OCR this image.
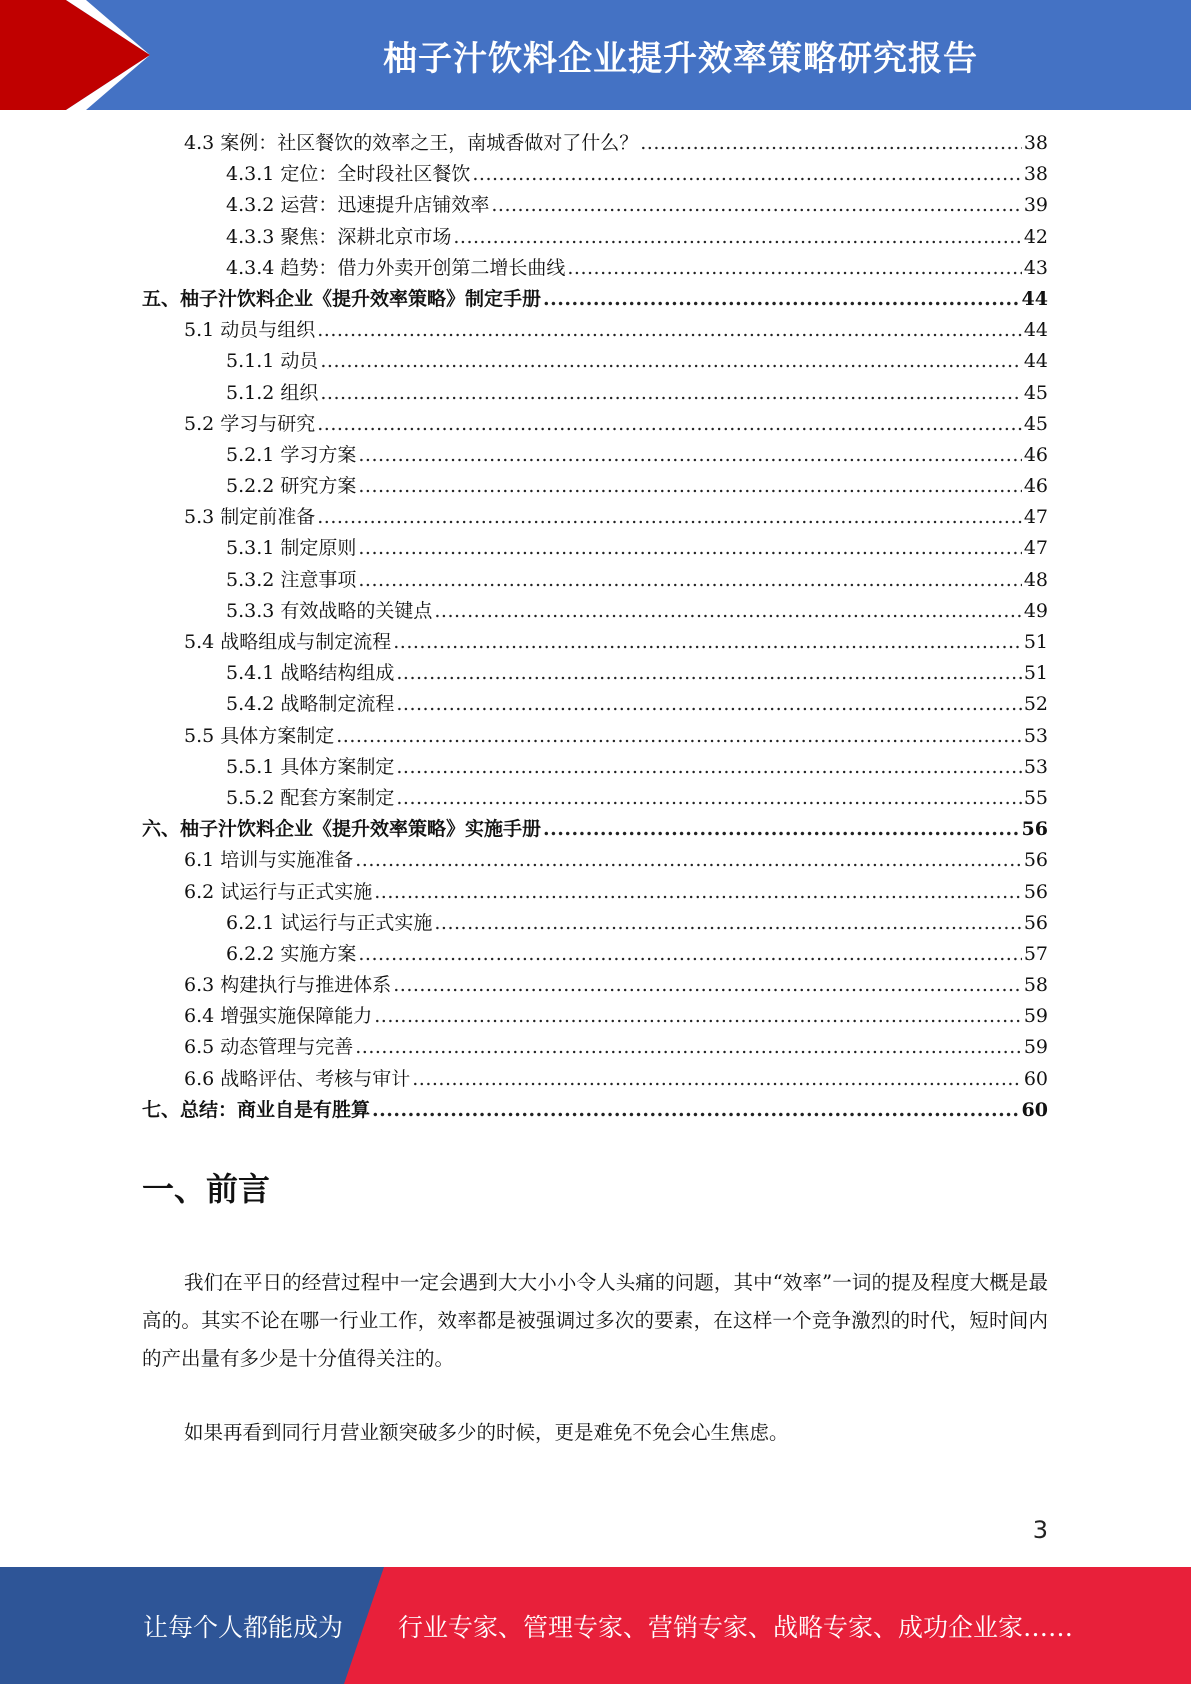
柚子汁饮料企业提升效率策略研究报告
4.3 案例：社区餐饮的效率之王，南城香做对了什么？ .....	38
4.3.1 定位：全时段社区餐饮 .....	38
4.3.2 运营：迅速提升店铺效率 .....	39
4.3.3 聚焦：深耕北京市场 .....	42
4.3.4 趋势：借力外卖开创第二增长曲线 .....	43
五、柚子汁饮料企业《提升效率策略》制定手册 .....	44
5.1 动员与组织 .....	44
5.1.1 动员 .....	44
5.1.2 组织 .....	45
5.2 学习与研究 .....	45
5.2.1 学习方案 .....	46
5.2.2 研究方案 .....	46
5.3 制定前准备 .....	47
5.3.1 制定原则 .....	47
5.3.2 注意事项 .....	48
5.3.3 有效战略的关键点 .....	49
5.4 战略组成与制定流程 .....	51
5.4.1 战略结构组成 .....	51
5.4.2 战略制定流程 .....	52
5.5 具体方案制定 .....	53
5.5.1 具体方案制定 .....	53
5.5.2 配套方案制定 .....	55
六、柚子汁饮料企业《提升效率策略》实施手册 .....	56
6.1 培训与实施准备 .....	56
6.2 试运行与正式实施 .....	56
6.2.1 试运行与正式实施 .....	56
6.2.2 实施方案 .....	57
6.3 构建执行与推进体系 .....	58
6.4 增强实施保障能力 .....	59
6.5 动态管理与完善 .....	59
6.6 战略评估、考核与审计 .....	60
七、总结：商业自是有胜算 .....	60
一、前言

我们在平日的经营过程中一定会遇到大大小小令人头痛的问题，其中“效率”一词的提及程度大概是最高的。其实不论在哪一行业工作，效率都是被强调过多次的要素，在这样一个竞争激烈的时代，短时间内的产出量有多少是十分值得关注的。

如果再看到同行月营业额突破多少的时候，更是难免不免会心生焦虑。

3
让每个人都能成为 行业专家、管理专家、营销专家、战略专家、成功企业家……
